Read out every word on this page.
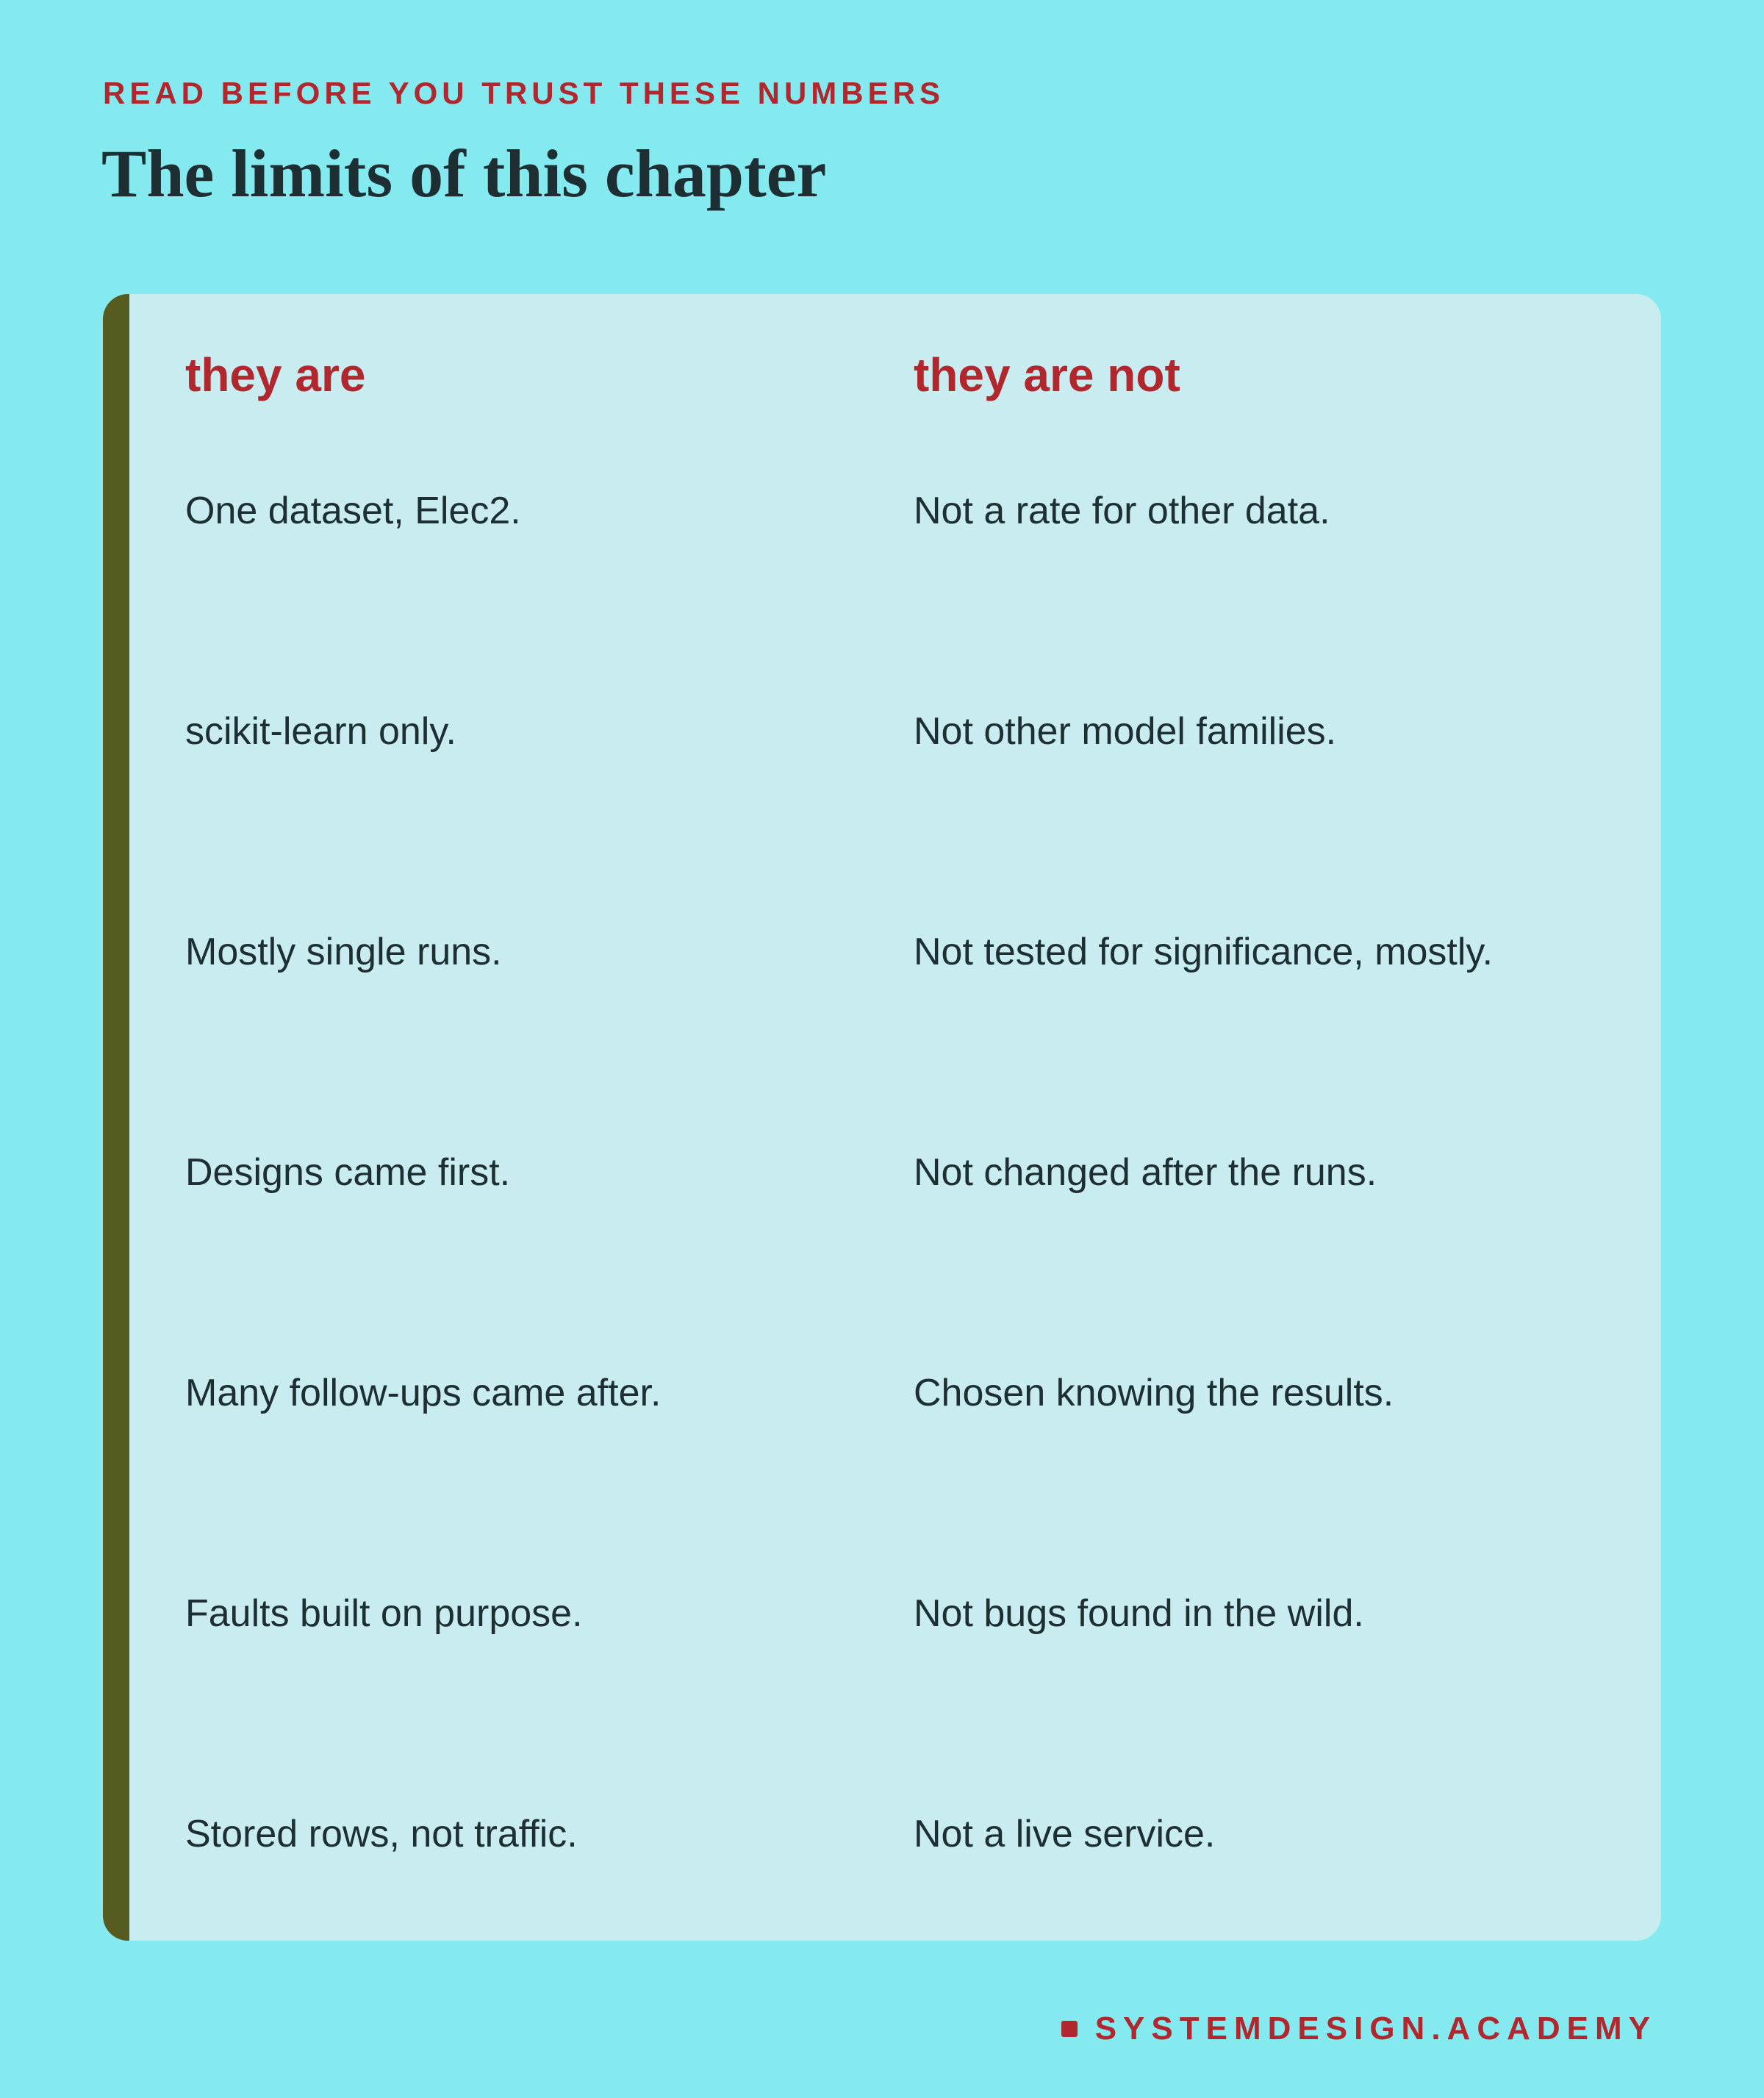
READ BEFORE YOU TRUST THESE NUMBERS
The limits of this chapter
they are	they are not
One dataset, Elec2.	Not a rate for other data.
scikit-learn only.	Not other model families.
Mostly single runs.	Not tested for significance, mostly.
Designs came first.	Not changed after the runs.
Many follow-ups came after.	Chosen knowing the results.
Faults built on purpose.	Not bugs found in the wild.
Stored rows, not traffic.	Not a live service.
SYSTEMDESIGN.ACADEMY
